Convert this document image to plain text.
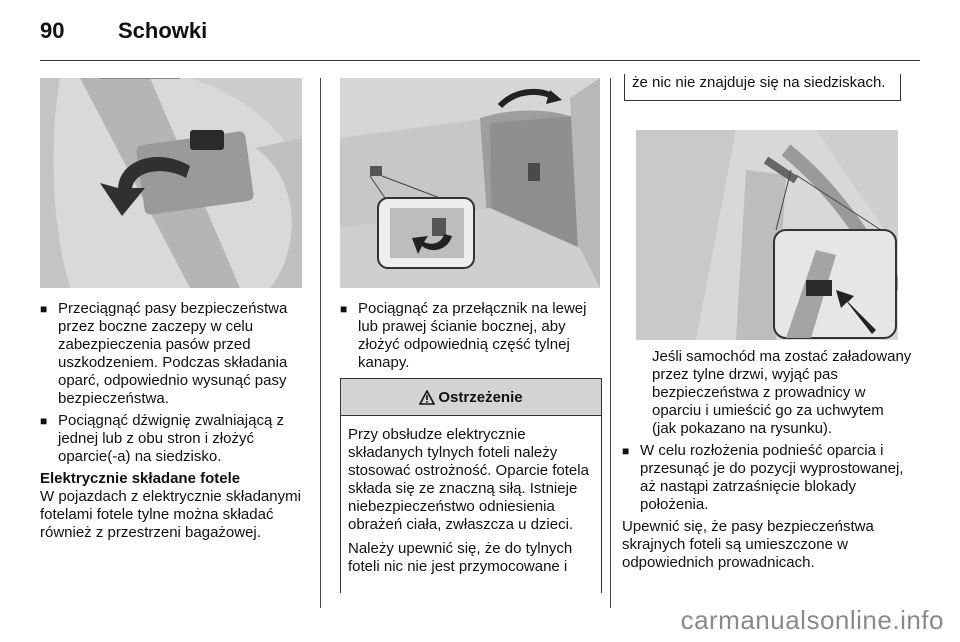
90 Schowki
■ Przeciągnąć pasy bezpieczeństwa przez boczne zaczepy w celu zabezpieczenia pasów przed uszkodzeniem. Podczas składania oparć, odpowiednio wysunąć pasy bezpieczeństwa.
■ Pociągnąć dźwignię zwalniającą z jednej lub z obu stron i złożyć oparcie(-a) na siedzisko.

Elektrycznie składane fotele

W pojazdach z elektrycznie składanymi fotelami fotele tylne można składać również z przestrzeni bagażowej.

■ Pociągnąć za przełącznik na lewej lub prawej ścianie bocznej, aby złożyć odpowiednią część tylnej kanapy.
Ostrzeżenie

Przy obsłudze elektrycznie składanych tylnych foteli należy stosować ostrożność. Oparcie fotela składa się ze znaczną siłą. Istnieje niebezpieczeństwo odniesienia obrażeń ciała, zwłaszcza u dzieci.

Należy upewnić się, że do tylnych foteli nic nie jest przymocowane i

że nic nie znajduje się na siedziskach.

Jeśli samochód ma zostać załadowany przez tylne drzwi, wyjąć pas bezpieczeństwa z prowadnicy w oparciu i umieścić go za uchwytem (jak pokazano na rysunku).

■ W celu rozłożenia podnieść oparcia i przesunąć je do pozycji wyprostowanej, aż nastąpi zatrzaśnięcie blokady położenia.

Upewnić się, że pasy bezpieczeństwa skrajnych foteli są umieszczone w odpowiednich prowadnicach.

carmanualsonline.info
